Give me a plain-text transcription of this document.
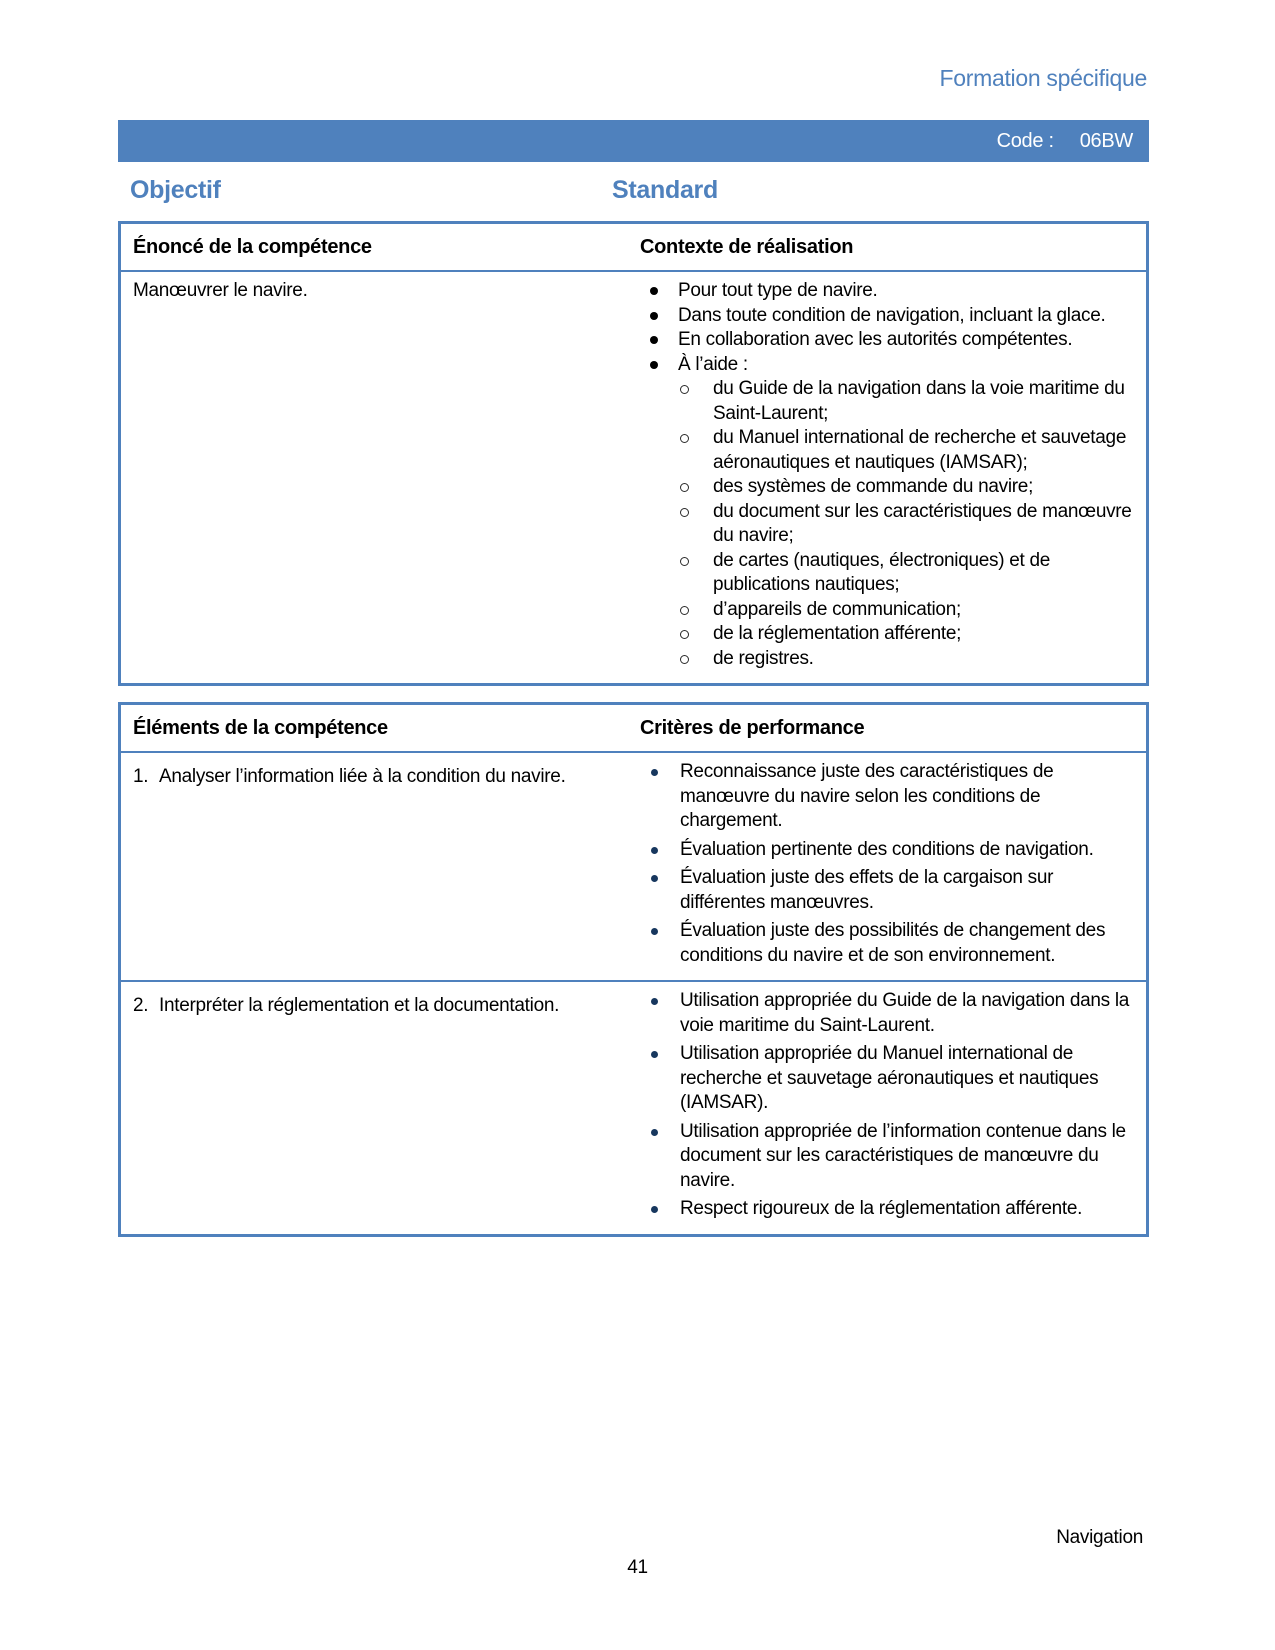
Formation spécifique
Code : 06BW
Objectif	Standard
Énoncé de la compétence	Contexte de réalisation

Manœuvrer le navire.	Pour tout type de navire.
Dans toute condition de navigation, incluant la glace.
En collaboration avec les autorités compétentes.
À l’aide :
du Guide de la navigation dans la voie maritime du Saint-Laurent;
du Manuel international de recherche et sauvetage aéronautiques et nautiques (IAMSAR);
des systèmes de commande du navire;
du document sur les caractéristiques de manœuvre du navire;
de cartes (nautiques, électroniques) et de publications nautiques;
d’appareils de communication;
de la réglementation afférente;
de registres.
Éléments de la compétence	Critères de performance
1. Analyser l’information liée à la condition du navire.	Reconnaissance juste des caractéristiques de manœuvre du navire selon les conditions de chargement.
Évaluation pertinente des conditions de navigation.
Évaluation juste des effets de la cargaison sur différentes manœuvres.
Évaluation juste des possibilités de changement des conditions du navire et de son environnement.
2. Interpréter la réglementation et la documentation.	Utilisation appropriée du Guide de la navigation dans la voie maritime du Saint-Laurent.
Utilisation appropriée du Manuel international de recherche et sauvetage aéronautiques et nautiques (IAMSAR).
Utilisation appropriée de l’information contenue dans le document sur les caractéristiques de manœuvre du navire.
Respect rigoureux de la réglementation afférente.
Navigation
41
